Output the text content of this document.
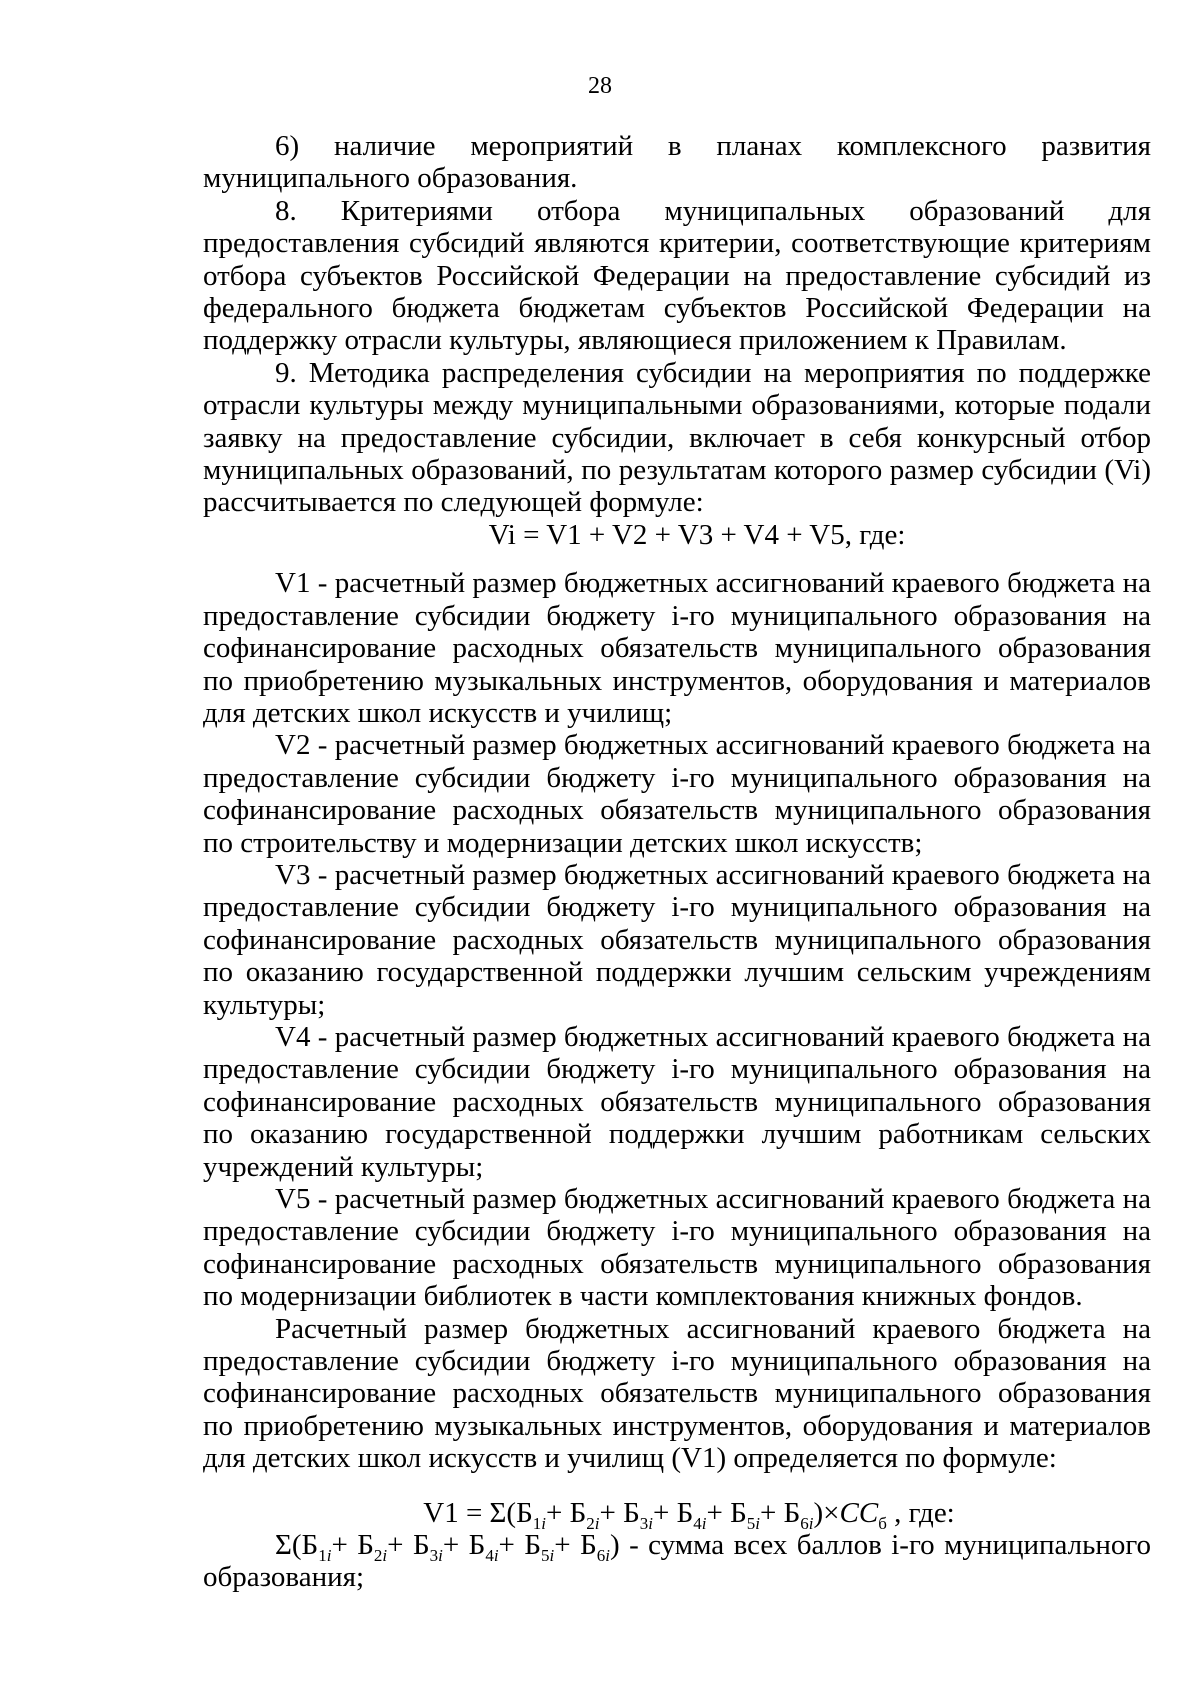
28

6) наличие мероприятий в планах комплексного развития муниципального образования.

8. Критериями отбора муниципальных образований для предоставления субсидий являются критерии, соответствующие критериям отбора субъектов Российской Федерации на предоставление субсидий из федерального бюджета бюджетам субъектов Российской Федерации на поддержку отрасли культуры, являющиеся приложением к Правилам.

9. Методика распределения субсидии на мероприятия по поддержке отрасли культуры между муниципальными образованиями, которые подали заявку на предоставление субсидии, включает в себя конкурсный отбор муниципальных образований, по результатам которого размер субсидии (Vi) рассчитывается по следующей формуле:

Vi = V1 + V2 + V3 + V4 + V5, где:

V1 - расчетный размер бюджетных ассигнований краевого бюджета на предоставление субсидии бюджету i-го муниципального образования на софинансирование расходных обязательств муниципального образования по приобретению музыкальных инструментов, оборудования и материалов для детских школ искусств и училищ;

V2 - расчетный размер бюджетных ассигнований краевого бюджета на предоставление субсидии бюджету i-го муниципального образования на софинансирование расходных обязательств муниципального образования по строительству и модернизации детских школ искусств;

V3 - расчетный размер бюджетных ассигнований краевого бюджета на предоставление субсидии бюджету i-го муниципального образования на софинансирование расходных обязательств муниципального образования по оказанию государственной поддержки лучшим сельским учреждениям культуры;

V4 - расчетный размер бюджетных ассигнований краевого бюджета на предоставление субсидии бюджету i-го муниципального образования на софинансирование расходных обязательств муниципального образования по оказанию государственной поддержки лучшим работникам сельских учреждений культуры;

V5 - расчетный размер бюджетных ассигнований краевого бюджета на предоставление субсидии бюджету i-го муниципального образования на софинансирование расходных обязательств муниципального образования по модернизации библиотек в части комплектования книжных фондов.

Расчетный размер бюджетных ассигнований краевого бюджета на предоставление субсидии бюджету i-го муниципального образования на софинансирование расходных обязательств муниципального образования по приобретению музыкальных инструментов, оборудования и материалов для детских школ искусств и училищ (V1) определяется по формуле:

$V1 = \Sigma(Б_{1i}+ Б_{2i}+ Б_{3i}+ Б_{4i}+ Б_{5i}+ Б_{6i})\times СС_б$ , где:

$\Sigma(Б_{1i}+ Б_{2i}+ Б_{3i}+ Б_{4i}+ Б_{5i}+ Б_{6i})$ - сумма всех баллов i-го муниципального образования;
